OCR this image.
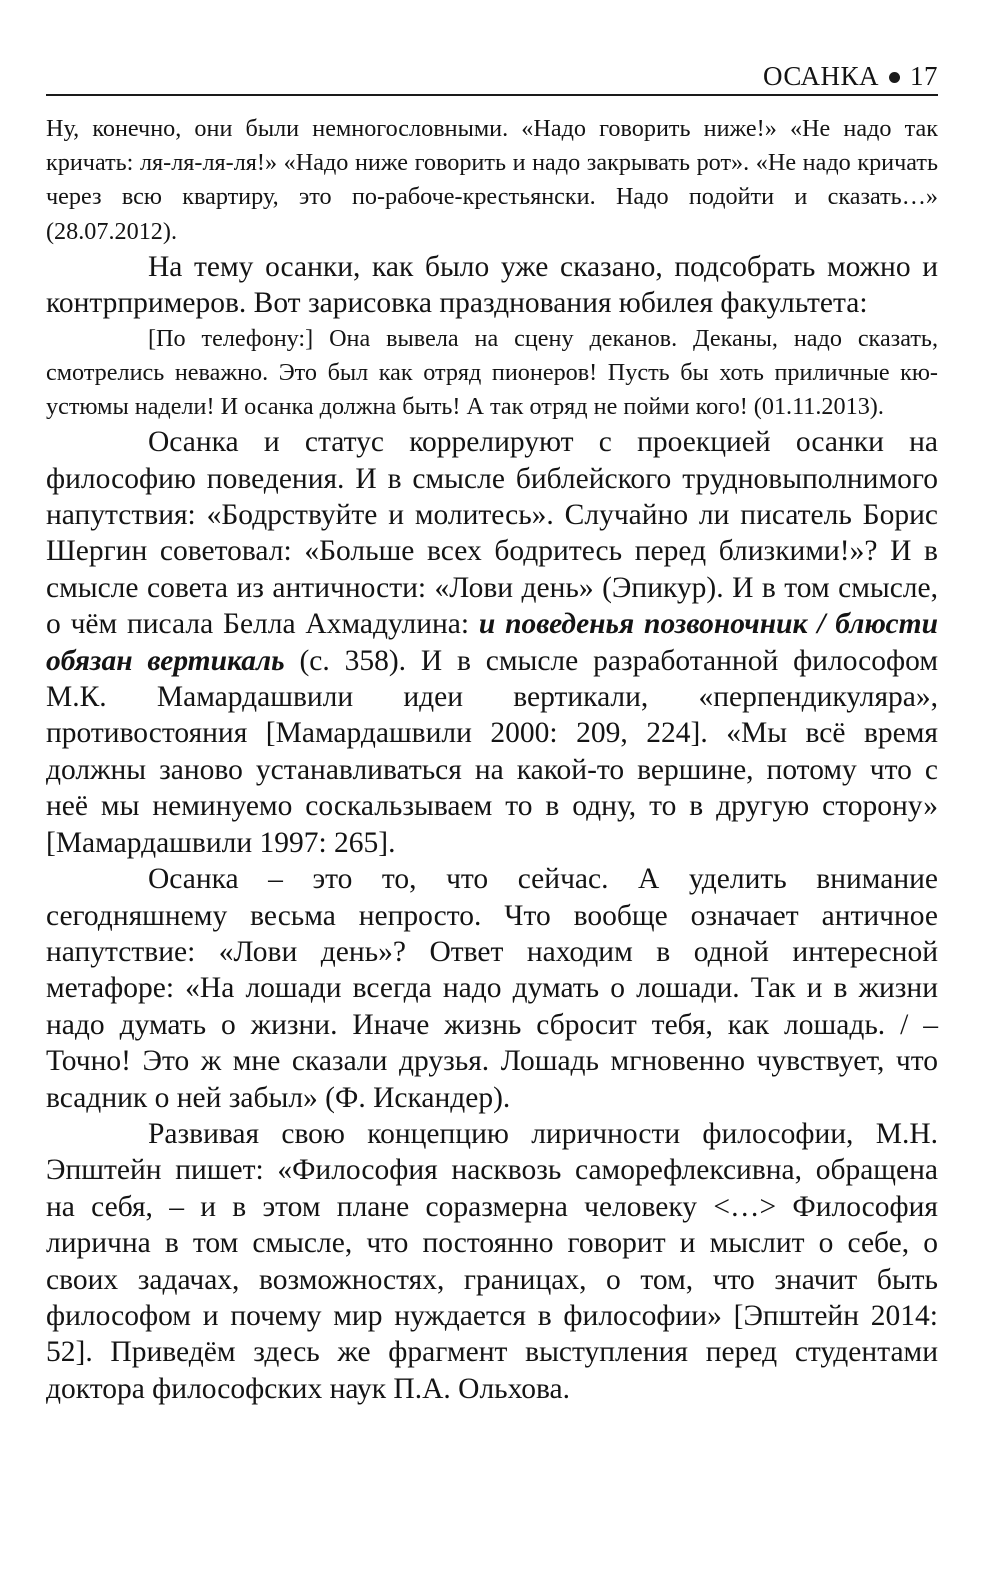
ОСАНКА 17

Ну, конечно, они были немногословными. «Надо говорить ниже!» «Не надо так кричать: ля-ля-ля-ля!» «Надо ниже говорить и надо закрывать рот». «Не надо кричать через всю квартиру, это по-рабоче-крестьянски. Надо подойти и сказать…» (28.07.2012).

На тему осанки, как было уже сказано, подсобрать можно и контрпримеров. Вот зарисовка празднования юбилея факультета:

[По телефону:] Она вывела на сцену деканов. Деканы, надо сказать, смотрелись неважно. Это был как отряд пионеров! Пусть бы хоть приличные кю-устюмы надели! И осанка должна быть! А так отряд не пойми кого! (01.11.2013).

Осанка и статус коррелируют с проекцией осанки на философию поведения. И в смысле библейского трудновыполнимого напутствия: «Бодрствуйте и молитесь». Случайно ли писатель Борис Шергин советовал: «Больше всех бодритесь перед близкими!»? И в смысле совета из античности: «Лови день» (Эпикур). И в том смысле, о чём писала Белла Ахмадулина: и поведенья позвоночник / блюсти обязан вертикаль (с. 358). И в смысле разработанной философом М.К. Мамардашвили идеи вертикали, «перпендикуляра», противостояния [Мамардашвили 2000: 209, 224]. «Мы всё время должны заново устанавливаться на какой-то вершине, потому что с неё мы неминуемо соскальзываем то в одну, то в другую сторону» [Мамардашвили 1997: 265].

Осанка – это то, что сейчас. А уделить внимание сегодняшнему весьма непросто. Что вообще означает античное напутствие: «Лови день»? Ответ находим в одной интересной метафоре: «На лошади всегда надо думать о лошади. Так и в жизни надо думать о жизни. Иначе жизнь сбросит тебя, как лошадь. / – Точно! Это ж мне сказали друзья. Лошадь мгновенно чувствует, что всадник о ней забыл» (Ф. Искандер).

Развивая свою концепцию лиричности философии, М.Н. Эпштейн пишет: «Философия насквозь саморефлексивна, обращена на себя, – и в этом плане соразмерна человеку <…> Философия лирична в том смысле, что постоянно говорит и мыслит о себе, о своих задачах, возможностях, границах, о том, что значит быть философом и почему мир нуждается в философии» [Эпштейн 2014: 52]. Приведём здесь же фрагмент выступления перед студентами доктора философских наук П.А. Ольхова.
